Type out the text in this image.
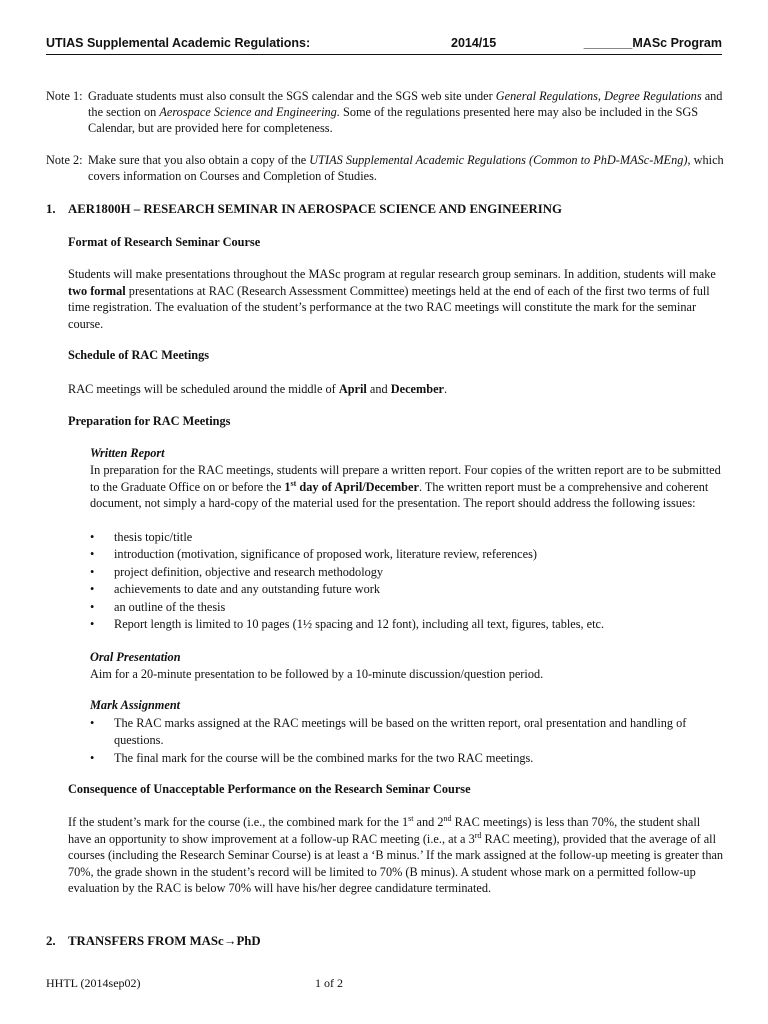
UTIAS Supplemental Academic Regulations:	2014/15	_______MASc Program
Note 1: Graduate students must also consult the SGS calendar and the SGS web site under General Regulations, Degree Regulations and the section on Aerospace Science and Engineering. Some of the regulations presented here may also be included in the SGS Calendar, but are provided here for completeness.
Note 2: Make sure that you also obtain a copy of the UTIAS Supplemental Academic Regulations (Common to PhD-MASc-MEng), which covers information on Courses and Completion of Studies.
1. AER1800H – RESEARCH SEMINAR IN AEROSPACE SCIENCE AND ENGINEERING
Format of Research Seminar Course
Students will make presentations throughout the MASc program at regular research group seminars. In addition, students will make two formal presentations at RAC (Research Assessment Committee) meetings held at the end of each of the first two terms of full time registration. The evaluation of the student’s performance at the two RAC meetings will constitute the mark for the seminar course.
Schedule of RAC Meetings
RAC meetings will be scheduled around the middle of April and December.
Preparation for RAC Meetings
Written Report
In preparation for the RAC meetings, students will prepare a written report. Four copies of the written report are to be submitted to the Graduate Office on or before the 1st day of April/December. The written report must be a comprehensive and coherent document, not simply a hard-copy of the material used for the presentation. The report should address the following issues:
• thesis topic/title
• introduction (motivation, significance of proposed work, literature review, references)
• project definition, objective and research methodology
• achievements to date and any outstanding future work
• an outline of the thesis
• Report length is limited to 10 pages (1½ spacing and 12 font), including all text, figures, tables, etc.
Oral Presentation
Aim for a 20-minute presentation to be followed by a 10-minute discussion/question period.
Mark Assignment
• The RAC marks assigned at the RAC meetings will be based on the written report, oral presentation and handling of questions.
• The final mark for the course will be the combined marks for the two RAC meetings.
Consequence of Unacceptable Performance on the Research Seminar Course
If the student’s mark for the course (i.e., the combined mark for the 1st and 2nd RAC meetings) is less than 70%, the student shall have an opportunity to show improvement at a follow-up RAC meeting (i.e., at a 3rd RAC meeting), provided that the average of all courses (including the Research Seminar Course) is at least a ‘B minus.’ If the mark assigned at the follow-up meeting is greater than 70%, the grade shown in the student’s record will be limited to 70% (B minus). A student whose mark on a permitted follow-up evaluation by the RAC is below 70% will have his/her degree candidature terminated.
2. TRANSFERS FROM MASc→PhD
HHTL (2014sep02)	1 of 2
